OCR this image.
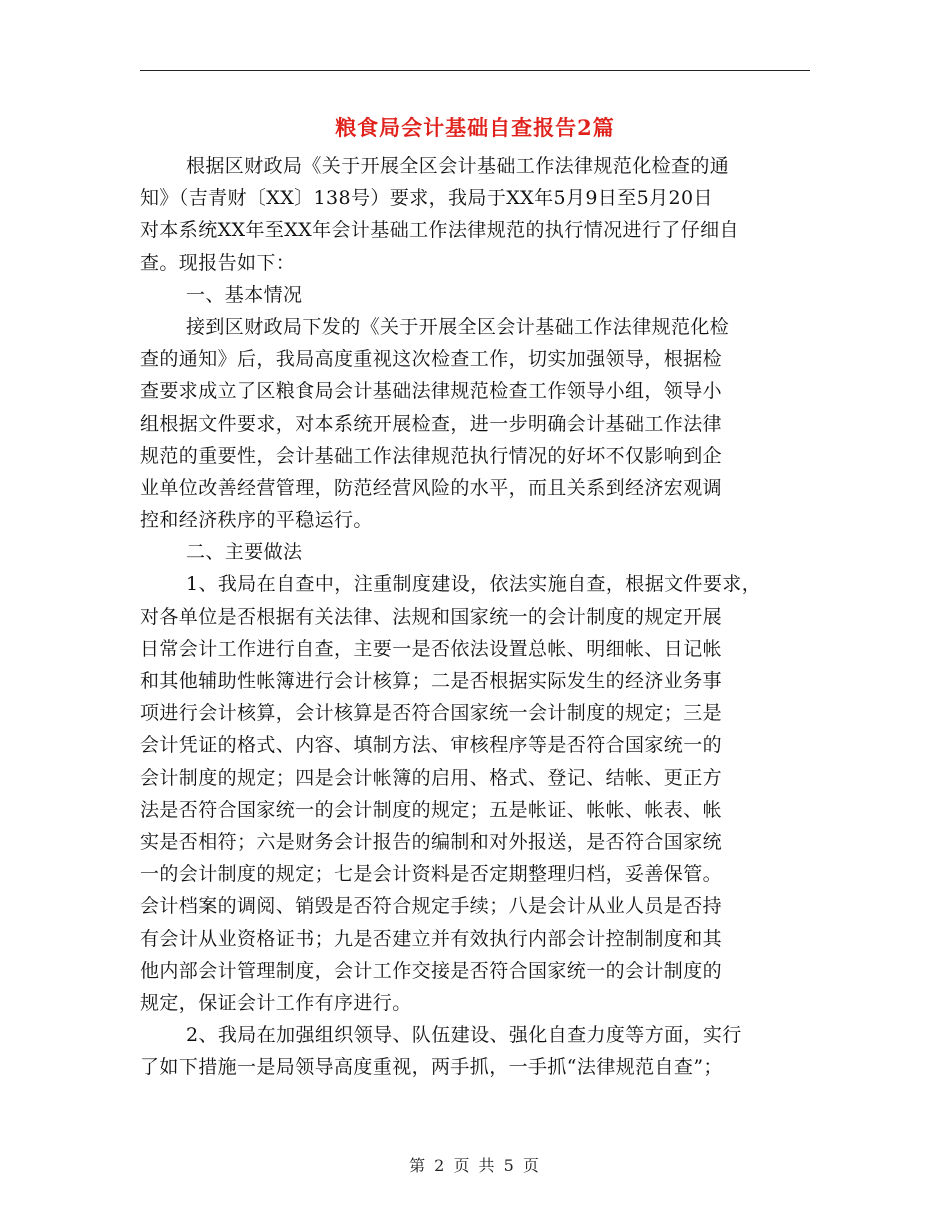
粮食局会计基础自查报告2篇
根据区财政局《关于开展全区会计基础工作法律规范化检查的通
知》（吉青财〔XX〕138号）要求，我局于XX年5月9日至5月20日
对本系统XX年至XX年会计基础工作法律规范的执行情况进行了仔细自
查。现报告如下：
一、基本情况
接到区财政局下发的《关于开展全区会计基础工作法律规范化检
查的通知》后，我局高度重视这次检查工作，切实加强领导，根据检
查要求成立了区粮食局会计基础法律规范检查工作领导小组，领导小
组根据文件要求，对本系统开展检查，进一步明确会计基础工作法律
规范的重要性，会计基础工作法律规范执行情况的好坏不仅影响到企
业单位改善经营管理，防范经营风险的水平，而且关系到经济宏观调
控和经济秩序的平稳运行。
二、主要做法
1、我局在自查中，注重制度建设，依法实施自查，根据文件要求，
对各单位是否根据有关法律、法规和国家统一的会计制度的规定开展
日常会计工作进行自查，主要一是否依法设置总帐、明细帐、日记帐
和其他辅助性帐簿进行会计核算；二是否根据实际发生的经济业务事
项进行会计核算，会计核算是否符合国家统一会计制度的规定；三是
会计凭证的格式、内容、填制方法、审核程序等是否符合国家统一的
会计制度的规定；四是会计帐簿的启用、格式、登记、结帐、更正方
法是否符合国家统一的会计制度的规定；五是帐证、帐帐、帐表、帐
实是否相符；六是财务会计报告的编制和对外报送，是否符合国家统
一的会计制度的规定；七是会计资料是否定期整理归档，妥善保管。
会计档案的调阅、销毁是否符合规定手续；八是会计从业人员是否持
有会计从业资格证书；九是否建立并有效执行内部会计控制制度和其
他内部会计管理制度，会计工作交接是否符合国家统一的会计制度的
规定，保证会计工作有序进行。
2、我局在加强组织领导、队伍建设、强化自查力度等方面，实行
了如下措施一是局领导高度重视，两手抓，一手抓“法律规范自查”；
第 2 页 共 5 页
